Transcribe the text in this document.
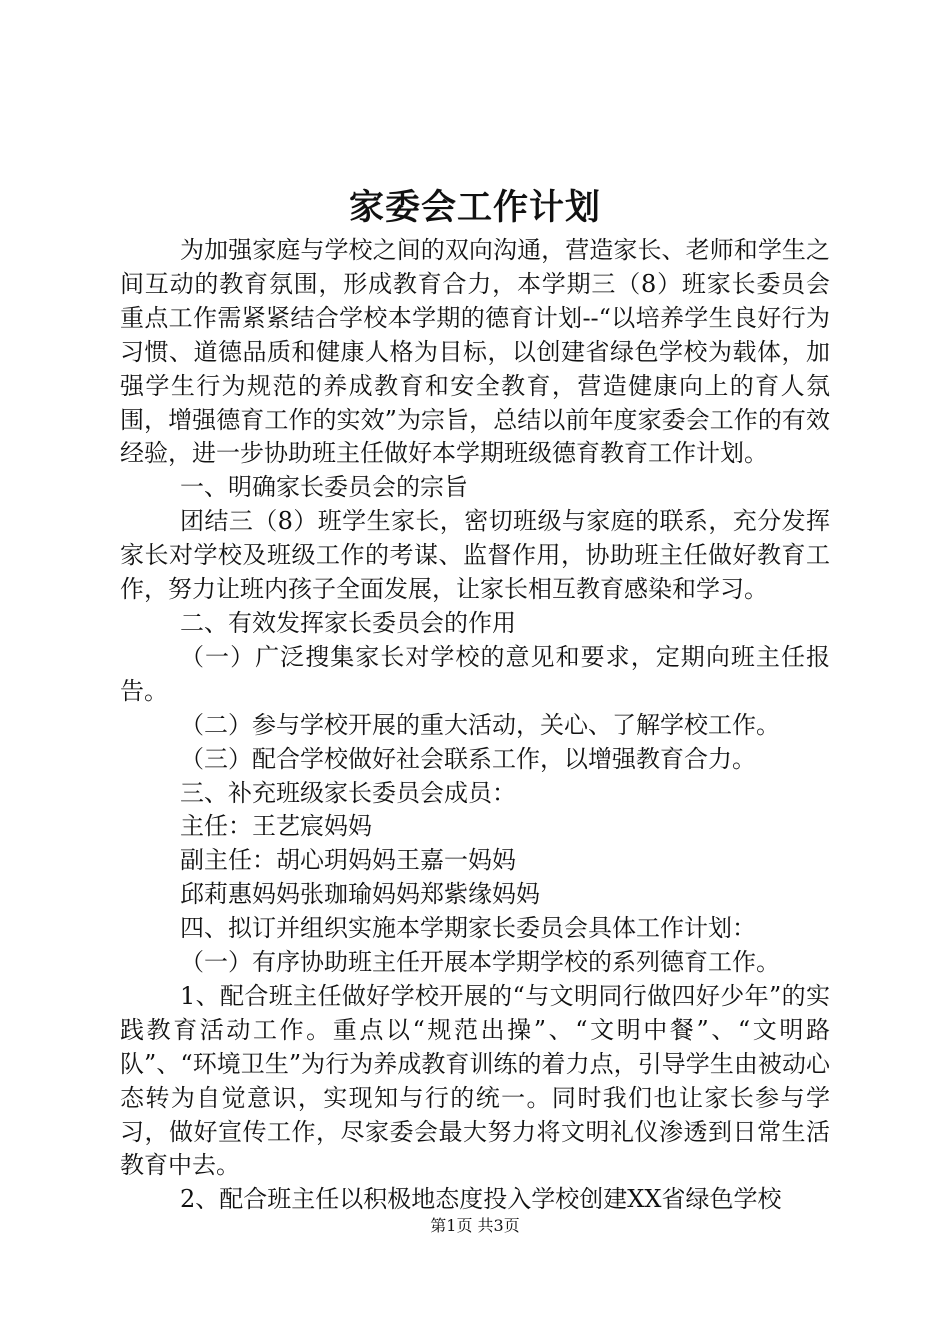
家委会工作计划

为加强家庭与学校之间的双向沟通，营造家长、老师和学生之间互动的教育氛围，形成教育合力，本学期三（8）班家长委员会重点工作需紧紧结合学校本学期的德育计划--“以培养学生良好行为习惯、道德品质和健康人格为目标，以创建省绿色学校为载体，加强学生行为规范的养成教育和安全教育，营造健康向上的育人氛围，增强德育工作的实效”为宗旨，总结以前年度家委会工作的有效经验，进一步协助班主任做好本学期班级德育教育工作计划。

一、明确家长委员会的宗旨

团结三（8）班学生家长，密切班级与家庭的联系，充分发挥家长对学校及班级工作的考谋、监督作用，协助班主任做好教育工作，努力让班内孩子全面发展，让家长相互教育感染和学习。

二、有效发挥家长委员会的作用

（一）广泛搜集家长对学校的意见和要求，定期向班主任报告。

（二）参与学校开展的重大活动，关心、了解学校工作。

（三）配合学校做好社会联系工作，以增强教育合力。

三、补充班级家长委员会成员：

主任：王艺宸妈妈

副主任：胡心玥妈妈王嘉一妈妈

邱莉惠妈妈张珈瑜妈妈郑紫缘妈妈

四、拟订并组织实施本学期家长委员会具体工作计划：

（一）有序协助班主任开展本学期学校的系列德育工作。

1、配合班主任做好学校开展的“与文明同行做四好少年”的实践教育活动工作。重点以“规范出操”、“文明中餐”、“文明路队”、“环境卫生”为行为养成教育训练的着力点，引导学生由被动心态转为自觉意识，实现知与行的统一。同时我们也让家长参与学习，做好宣传工作，尽家委会最大努力将文明礼仪渗透到日常生活教育中去。

2、配合班主任以积极地态度投入学校创建XX省绿色学校

第1页 共3页
